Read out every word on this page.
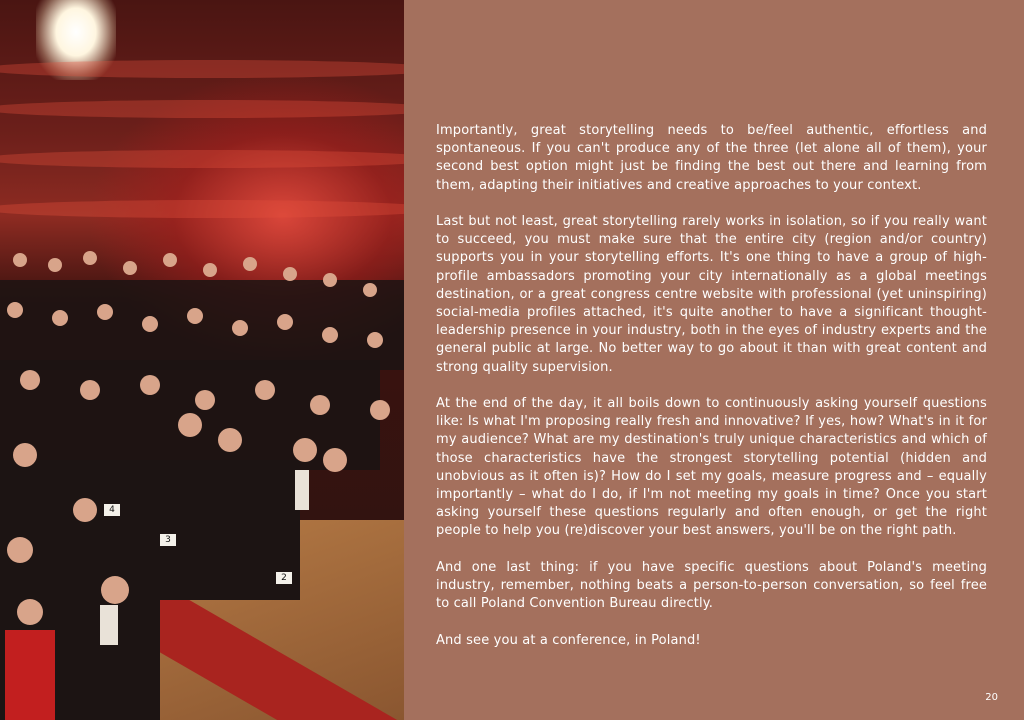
4
3
2

Importantly, great storytelling needs to be/feel authentic, effortless and spontaneous. If you can't produce any of the three (let alone all of them), your second best option might just be finding the best out there and learning from them, adapting their initiatives and creative approaches to your context.

Last but not least, great storytelling rarely works in isolation, so if you really want to succeed, you must make sure that the entire city (region and/or country) supports you in your storytelling efforts. It's one thing to have a group of high-profile ambassadors promoting your city internationally as a global meetings destination, or a great congress centre website with professional (yet uninspiring) social-media profiles attached, it's quite another to have a significant thought-leadership presence in your industry, both in the eyes of industry experts and the general public at large. No better way to go about it than with great content and strong quality supervision.

At the end of the day, it all boils down to continuously asking yourself questions like: Is what I'm proposing really fresh and innovative? If yes, how? What's in it for my audience? What are my destination's truly unique characteristics and which of those characteristics have the strongest storytelling potential (hidden and unobvious as it often is)? How do I set my goals, measure progress and – equally importantly – what do I do, if I'm not meeting my goals in time? Once you start asking yourself these questions regularly and often enough, or get the right people to help you (re)discover your best answers, you'll be on the right path.

And one last thing: if you have specific questions about Poland's meeting industry, remember, nothing beats a person-to-person conversation, so feel free to call Poland Convention Bureau directly.

And see you at a conference, in Poland!

20
